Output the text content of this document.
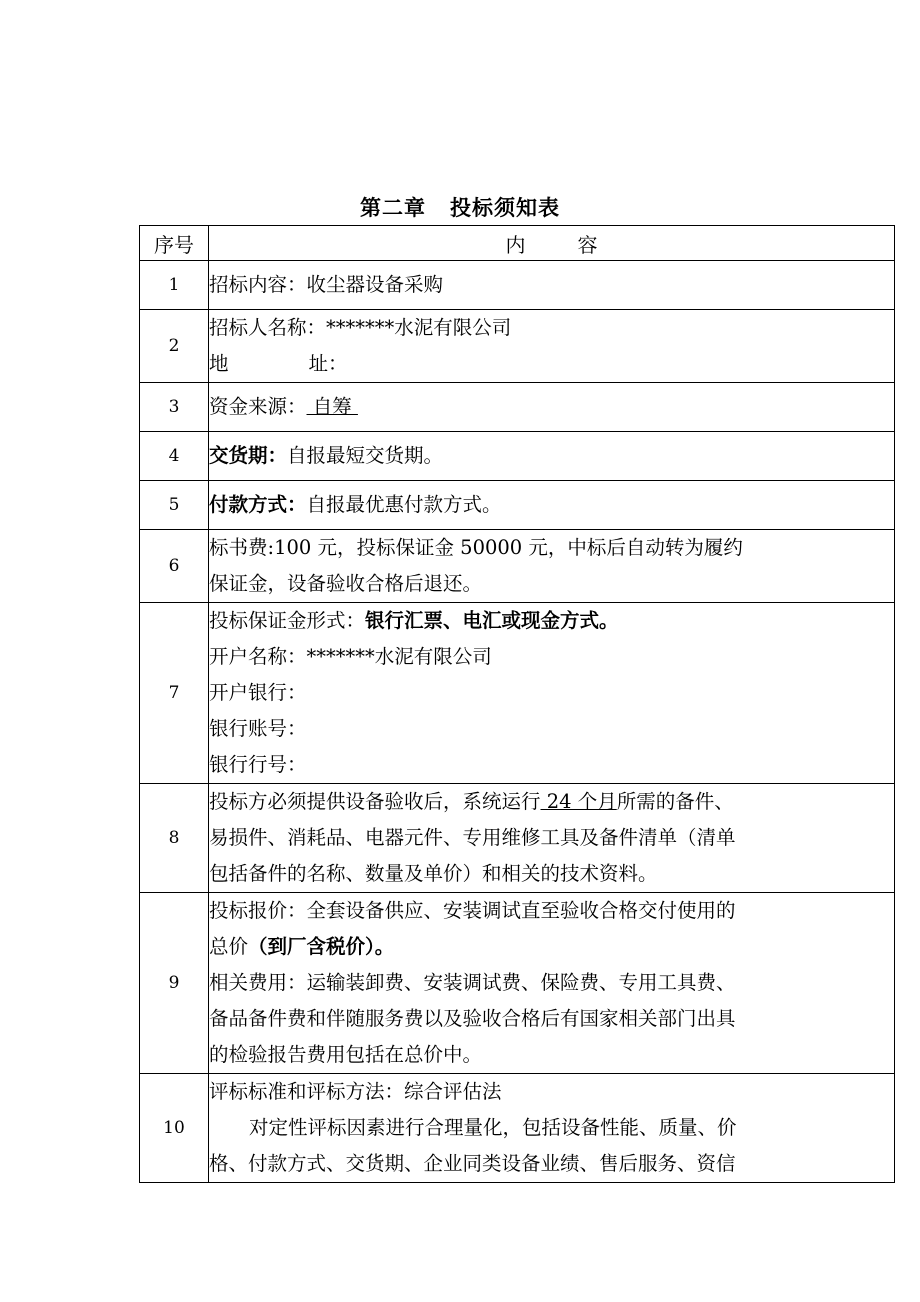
第二章 投标须知表
序号	内 容
1	招标内容：收尘器设备采购

2	招标人名称：*******水泥有限公司
地 址：

3	资金来源： 自筹

4	交货期：自报最短交货期。

5	付款方式：自报最优惠付款方式。

6	标书费:100 元，投标保证金 50000 元，中标后自动转为履约
保证金，设备验收合格后退还。

7	投标保证金形式：银行汇票、电汇或现金方式。
开户名称：*******水泥有限公司
开户银行：
银行账号：
银行行号：

8	投标方必须提供设备验收后，系统运行 24 个月所需的备件、
易损件、消耗品、电器元件、专用维修工具及备件清单（清单
包括备件的名称、数量及单价）和相关的技术资料。

9	投标报价：全套设备供应、安装调试直至验收合格交付使用的
总价（到厂含税价）。
相关费用：运输装卸费、安装调试费、保险费、专用工具费、
备品备件费和伴随服务费以及验收合格后有国家相关部门出具
的检验报告费用包括在总价中。

10	评标标准和评标方法：综合评估法
对定性评标因素进行合理量化，包括设备性能、质量、价
格、付款方式、交货期、企业同类设备业绩、售后服务、资信
